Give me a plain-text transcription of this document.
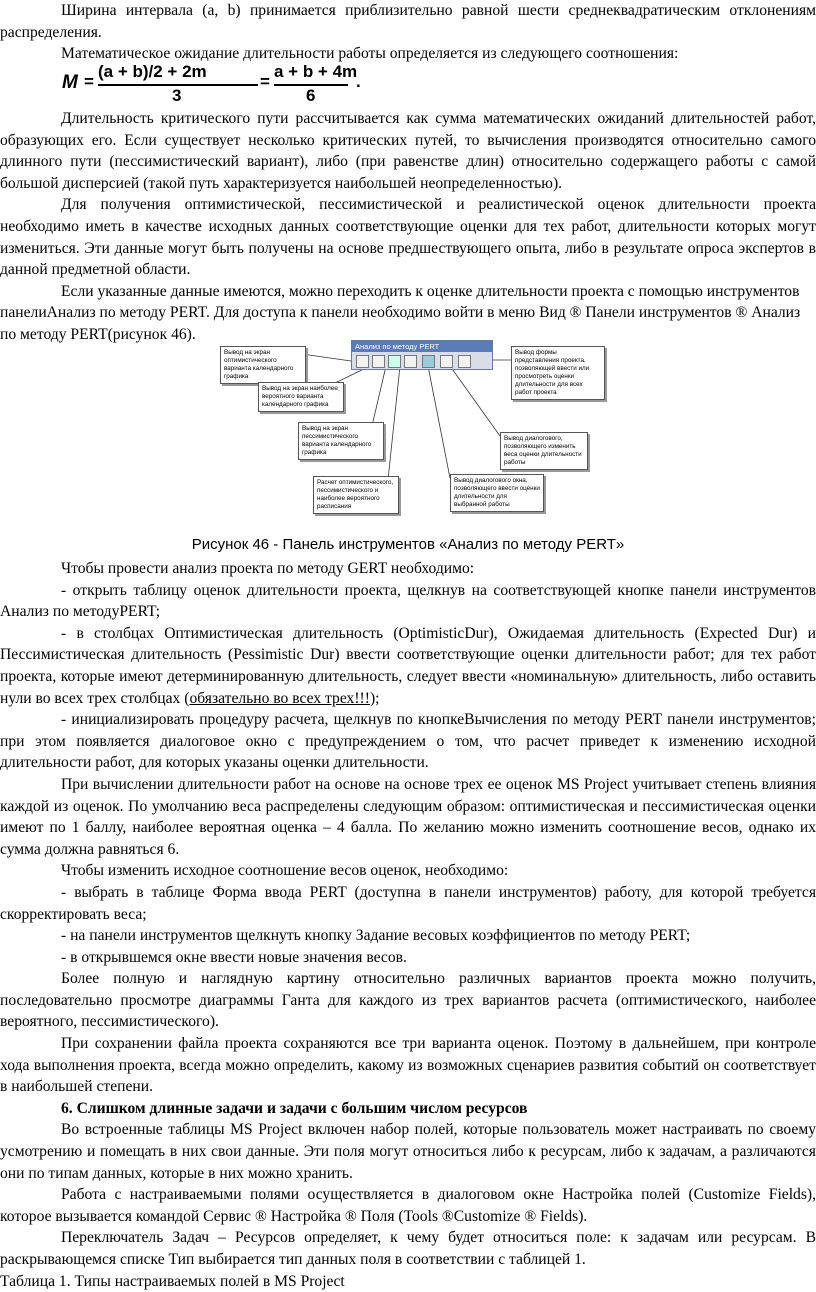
Ширина интервала (a, b) принимается приблизительно равной шести среднеквадратическим отклонениям распределения.

Математическое ожидание длительности работы определяется из следующего соотношения:

M =
(a + b)/2 + 2m
3
=
a + b + 4m
6
.

Длительность критического пути рассчитывается как сумма математических ожиданий длительностей работ, образующих его. Если существует несколько критических путей, то вычисления производятся относительно самого длинного пути (пессимистический вариант), либо (при равенстве длин) относительно содержащего работы с самой большой дисперсией (такой путь характеризуется наибольшей неопределенностью).

Для получения оптимистической, пессимистической и реалистической оценок длительности проекта необходимо иметь в качестве исходных данных соответствующие оценки для тех работ, длительности которых могут измениться. Эти данные могут быть получены на основе предшествующего опыта, либо в результате опроса экспертов в данной предметной области.

Если указанные данные имеются, можно переходить к оценке длительности проекта с помощью инструментов панелиАнализ по методу PERT. Для доступа к панели необходимо войти в меню Вид ® Панели инструментов ® Анализ по методу PERT(рисунок 46).

Анализ по методу PERT
Вывод на экран оптимистического варианта календарного графика
Вывод на экран наиболее вероятного варианта календарного графика
Вывод на экран пессимистического варианта календарного графика
Расчет оптимистического, пессимистического и наиболее вероятного расписания
Вывод диалогового окна, позволяющего ввести оценки длительности для выбранной работы
Вывод диалогового, позволяющего изменить веса оценки длительности работы
Вывод формы представления проекта, позволяющей ввести или просмотреть оценки длительности для всех работ проекта
Рисунок 46 - Панель инструментов «Анализ по методу PERT»

Чтобы провести анализ проекта по методу GERT необходимо:

- открыть таблицу оценок длительности проекта, щелкнув на соответствующей кнопке панели инструментов Анализ по методуPERT;

- в столбцах Оптимистическая длительность (OptimisticDur), Ожидаемая длительность (Expected Dur) и Пессимистическая длительность (Pessimistic Dur) ввести соответствующие оценки длительности работ; для тех работ проекта, которые имеют детерминированную длительность, следует ввести «номинальную» длительность, либо оставить нули во всех трех столбцах (обязательно во всех трех!!!);

- инициализировать процедуру расчета, щелкнув по кнопкеВычисления по методу PERT панели инструментов; при этом появляется диалоговое окно с предупреждением о том, что расчет приведет к изменению исходной длительности работ, для которых указаны оценки длительности.

При вычислении длительности работ на основе на основе трех ее оценок MS Project учитывает степень влияния каждой из оценок. По умолчанию веса распределены следующим образом: оптимистическая и пессимистическая оценки имеют по 1 баллу, наиболее вероятная оценка – 4 балла. По желанию можно изменить соотношение весов, однако их сумма должна равняться 6.

Чтобы изменить исходное соотношение весов оценок, необходимо:

- выбрать в таблице Форма ввода PERT (доступна в панели инструментов) работу, для которой требуется скорректировать веса;

- на панели инструментов щелкнуть кнопку Задание весовых коэффициентов по методу PERT;

- в открывшемся окне ввести новые значения весов.

Более полную и наглядную картину относительно различных вариантов проекта можно получить, последовательно просмотре диаграммы Ганта для каждого из трех вариантов расчета (оптимистического, наиболее вероятного, пессимистического).

При сохранении файла проекта сохраняются все три варианта оценок. Поэтому в дальнейшем, при контроле хода выполнения проекта, всегда можно определить, какому из возможных сценариев развития событий он соответствует в наибольшей степени.

6. Слишком длинные задачи и задачи с большим числом ресурсов

Во встроенные таблицы MS Project включен набор полей, которые пользователь может настраивать по своему усмотрению и помещать в них свои данные. Эти поля могут относиться либо к ресурсам, либо к задачам, а различаются они по типам данных, которые в них можно хранить.

Работа с настраиваемыми полями осуществляется в диалоговом окне Настройка полей (Customize Fields), которое вызывается командой Сервис ® Настройка ® Поля (Tools ®Customize ® Fields).

Переключатель Задач – Ресурсов определяет, к чему будет относиться поле: к задачам или ресурсам. В раскрывающемся списке Тип выбирается тип данных поля в соответствии с таблицей 1.

Таблица 1. Типы настраиваемых полей в MS Project
